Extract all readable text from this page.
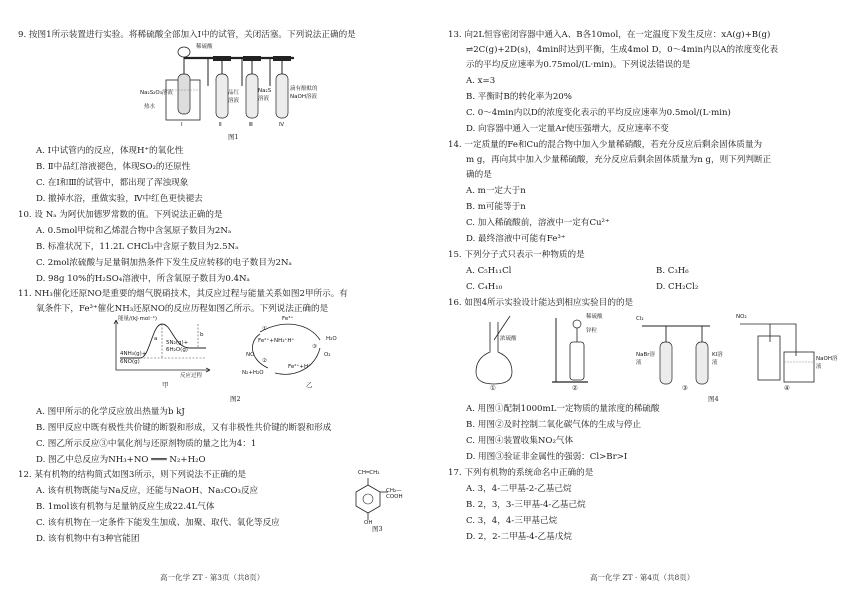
9. 按图1所示装置进行实验。将稀硫酸全部加入Ⅰ中的试管，关闭活塞。下列说法正确的是
稀硫酸
Na₂S₂O₃溶液
热水
品红溶液
Na₂S溶液
滴有酚酞的NaOH溶液
Ⅰ	Ⅱ	Ⅲ	Ⅳ
图1
A. Ⅰ中试管内的反应，体现H⁺的氧化性
B. Ⅱ中品红溶液褪色，体现SO₂的还原性
C. 在Ⅰ和Ⅲ的试管中，都出现了浑浊现象
D. 撤掉水浴，重做实验，Ⅳ中红色更快褪去
10. 设 Nₐ 为阿伏加德罗常数的值。下列说法正确的是
A. 0.5mol甲烷和乙烯混合物中含氢原子数目为2Nₐ
B. 标准状况下，11.2L CHCl₃中含原子数目为2.5Nₐ
C. 2mol浓硫酸与足量铜加热条件下发生反应转移的电子数目为2Nₐ
D. 98g 10%的H₂SO₄溶液中，所含氧原子数目为0.4Nₐ
11. NH₃催化还原NO是重要的烟气脱硝技术，其反应过程与能量关系如图2甲所示。有
氧条件下，Fe³⁺催化NH₃还原NO的反应历程如图乙所示。下列说法正确的是
能量/(kJ·mol⁻¹)
5N₂(g)+
6H₂O(g)
4NH₃(g)+
6NO(g)
反应过程
a
b
甲	乙
Fe³⁺
Fe²⁺+NH₃⁺H⁺
NO
N₂+H₂O
Fe²⁺+H⁺
H₂O
O₂
①
②
③
图2
A. 图甲所示的化学反应放出热量为b kJ
B. 图甲反应中既有极性共价键的断裂和形成，又有非极性共价键的断裂和形成
C. 图乙所示反应③中氧化剂与还原剂物质的量之比为4：1
D. 图乙中总反应为NH₃+NO ═══ N₂+H₂O
12. 某有机物的结构简式如图3所示，则下列说法不正确的是
A. 该有机物既能与Na反应，还能与NaOH、Na₂CO₃反应
B. 1mol该有机物与足量钠反应生成22.4L气体
C. 该有机物在一定条件下能发生加成、加聚、取代、氧化等反应
D. 该有机物中有3种官能团
CH═CH₂
CH₂—COOH
OH
图3
高一化学 ZT · 第3页（共8页）
13. 向2L恒容密闭容器中通入A、B各10mol，在一定温度下发生反应：xA(g)+B(g)
⇌2C(g)+2D(s)，4min时达到平衡，生成4mol D，0～4min内以A的浓度变化表
示的平均反应速率为0.75mol/(L·min)。下列说法错误的是
A. x=3
B. 平衡时B的转化率为20%
C. 0～4min内以D的浓度变化表示的平均反应速率为0.5mol/(L·min)
D. 向容器中通入一定量Ar使压强增大，反应速率不变
14. 一定质量的Fe和Cu的混合物中加入少量稀硝酸，若充分反应后剩余固体质量为
m g，再向其中加入少量稀硫酸，充分反应后剩余固体质量为n g，则下列判断正
确的是
A. m一定大于n
B. m可能等于n
C. 加入稀硫酸前，溶液中一定有Cu²⁺
D. 最终溶液中可能有Fe³⁺
15. 下列分子式只表示一种物质的是
A. C₅H₁₁Cl	B. C₃H₆
C. C₄H₁₀	D. CH₂Cl₂
16. 如图4所示实验设计能达到相应实验目的的是
浓硫酸
稀硫酸
锌粒
Cl₂
NaBr溶液
KI溶液
NO₂
NaOH溶液
①	②	③	④
图4
A. 用图①配制1000mL一定物质的量浓度的稀硫酸
B. 用图②及时控制二氧化碳气体的生成与停止
C. 用图④装置收集NO₂气体
D. 用图③验证非金属性的强弱：Cl>Br>I
17. 下列有机物的系统命名中正确的是
A. 3，4-二甲基-2-乙基己烷
B. 2，3，3-三甲基-4-乙基己烷
C. 3，4，4-三甲基己烷
D. 2，2-二甲基-4-乙基戊烷
高一化学 ZT · 第4页（共8页）
